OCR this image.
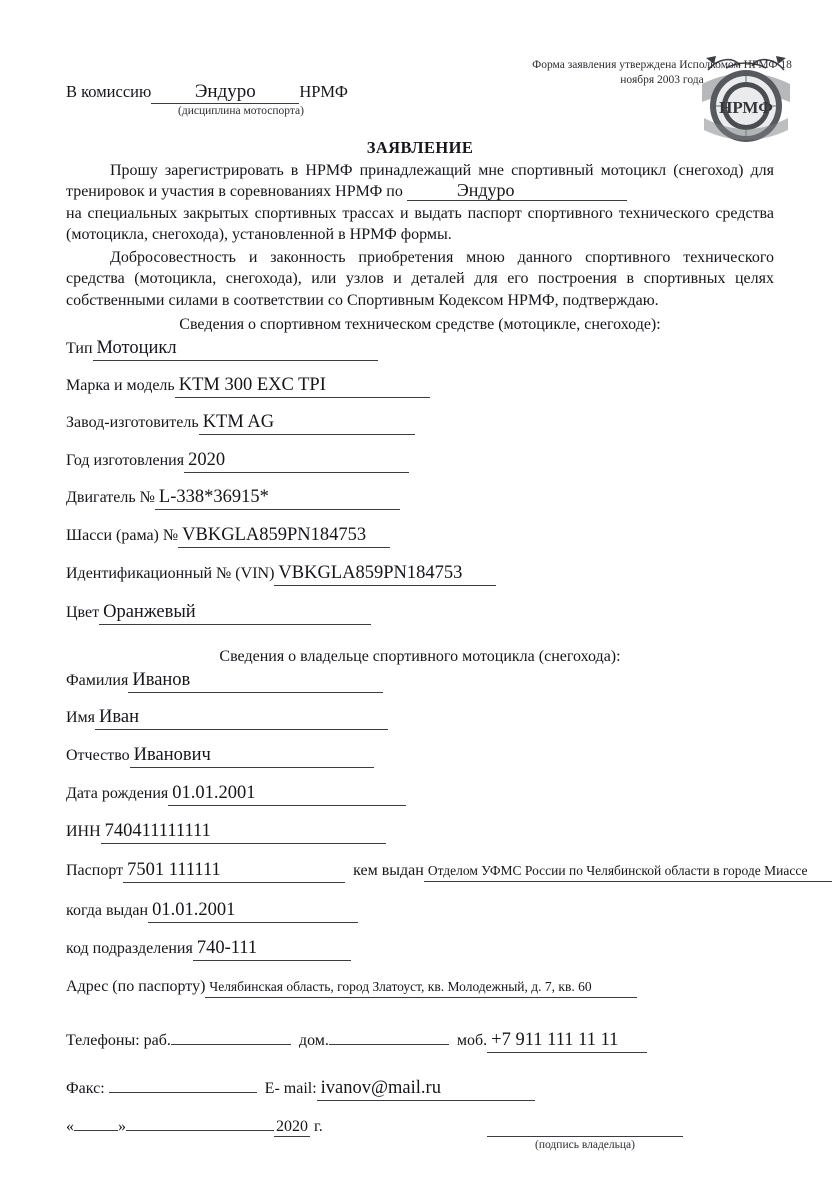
Форма заявления утверждена Исполкомом НРМФ 18 ноября 2003 года
НРМФ
В комиссию	Эндуро	НРМФ
(дисциплина мотоспорта)
ЗАЯВЛЕНИЕ
Прошу зарегистрировать в НРМФ принадлежащий мне спортивный мотоцикл (снегоход) для тренировок и участия в соревнованиях НРМФ по	Эндуро
на специальных закрытых спортивных трассах и выдать паспорт спортивного технического средства (мотоцикла, снегохода), установленной в НРМФ формы.
Добросовестность и законность приобретения мною данного спортивного технического средства (мотоцикла, снегохода), или узлов и деталей для его построения в спортивных целях собственными силами в соответствии со Спортивным Кодексом НРМФ, подтверждаю.
Сведения о спортивном техническом средстве (мотоцикле, снегоходе):
Тип Мотоцикл
Марка и модель KTM 300 EXC TPI
Завод-изготовитель KTM AG
Год изготовления 2020
Двигатель № L-338*36915*
Шасси (рама) № VBKGLA859PN184753
Идентификационный № (VIN) VBKGLA859PN184753
Цвет Оранжевый
Сведения о владельце спортивного мотоцикла (снегохода):
Фамилия Иванов
Имя Иван
Отчество Иванович
Дата рождения 01.01.2001
ИНН 740411111111
Паспорт 7501 111111	кем выдан Отделом УФМС России по Челябинской области в городе Миассе
когда выдан 01.01.2001
код подразделения 740-111
Адрес (по паспорту) Челябинская область, город Златоуст, кв. Молодежный, д. 7, кв. 60
Телефоны:
раб.
	дом.
	моб. +7 911 111 11 11
Факс:

	E- mail: ivanov@mail.ru
«	»	2020
г.
(подпись владельца)
